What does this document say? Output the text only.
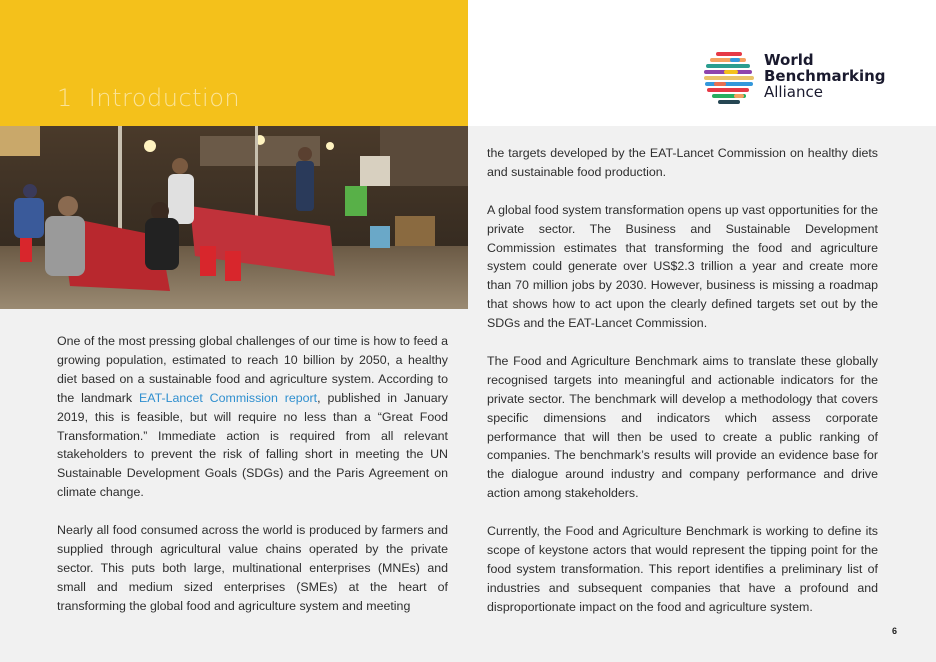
1 Introduction
World
Benchmarking
Alliance

One of the most pressing global challenges of our time is how to feed a growing population, estimated to reach 10 billion by 2050, a healthy diet based on a sustainable food and agriculture system. According to the landmark EAT-Lancet Commission report, published in January 2019, this is feasible, but will require no less than a “Great Food Transformation.” Immediate action is required from all relevant stakeholders to prevent the risk of falling short in meeting the UN Sustainable Development Goals (SDGs) and the Paris Agreement on climate change.

Nearly all food consumed across the world is produced by farmers and supplied through agricultural value chains operated by the private sector. This puts both large, multinational enterprises (MNEs) and small and medium sized enterprises (SMEs) at the heart of transforming the global food and agriculture system and meeting

the targets developed by the EAT-Lancet Commission on healthy diets and sustainable food production.

A global food system transformation opens up vast opportunities for the private sector. The Business and Sustainable Development Commission estimates that transforming the food and agriculture system could generate over US$2.3 trillion a year and create more than 70 million jobs by 2030. However, business is missing a roadmap that shows how to act upon the clearly defined targets set out by the SDGs and the EAT-Lancet Commission.

The Food and Agriculture Benchmark aims to translate these globally recognised targets into meaningful and actionable indicators for the private sector. The benchmark will develop a methodology that covers specific dimensions and indicators which assess corporate performance that will then be used to create a public ranking of companies. The benchmark’s results will provide an evidence base for the dialogue around industry and company performance and drive action among stakeholders.

Currently, the Food and Agriculture Benchmark is working to define its scope of keystone actors that would represent the tipping point for the food system transformation. This report identifies a preliminary list of industries and subsequent companies that have a profound and disproportionate impact on the food and agriculture system.

6
